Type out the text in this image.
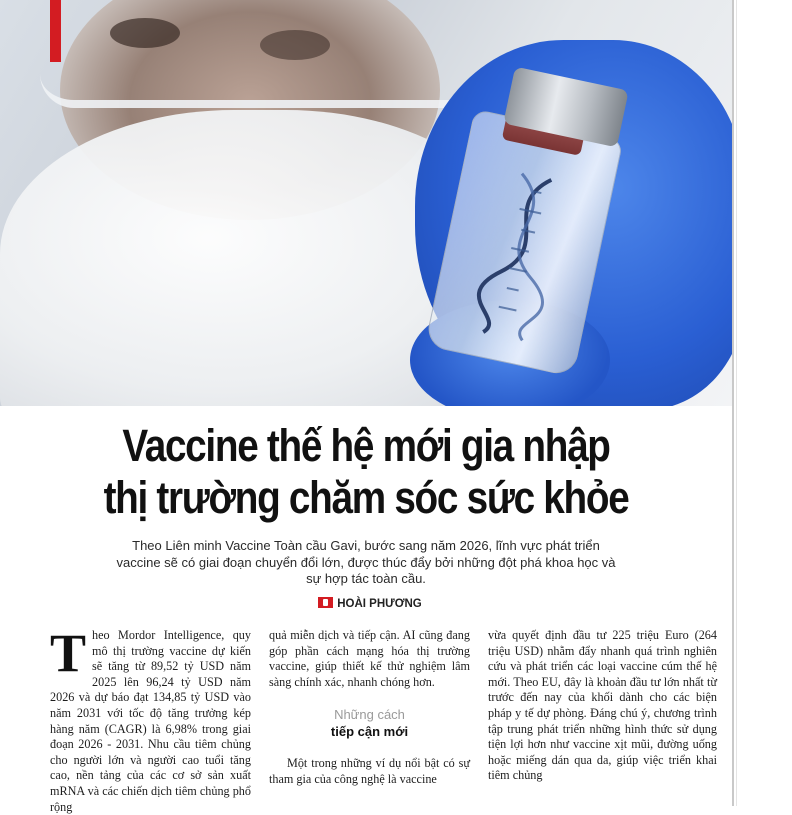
Vaccine thế hệ mới gia nhập
thị trường chăm sóc sức khỏe
Theo Liên minh Vaccine Toàn cầu Gavi, bước sang năm 2026, lĩnh vực phát triển vaccine sẽ có giai đoạn chuyển đổi lớn, được thúc đẩy bởi những đột phá khoa học và sự hợp tác toàn cầu.
HOÀI PHƯƠNG

Theo Mordor Intelligence, quy mô thị trường vaccine dự kiến sẽ tăng từ 89,52 tỷ USD năm 2025 lên 96,24 tỷ USD năm 2026 và dự báo đạt 134,85 tỷ USD vào năm 2031 với tốc độ tăng trưởng kép hàng năm (CAGR) là 6,98% trong giai đoạn 2026 - 2031. Nhu cầu tiêm chủng cho người lớn và người cao tuổi tăng cao, nền tảng của các cơ sở sản xuất mRNA và các chiến dịch tiêm chủng phổ rộng

quả miễn dịch và tiếp cận. AI cũng đang góp phần cách mạng hóa thị trường vaccine, giúp thiết kế thử nghiệm lâm sàng chính xác, nhanh chóng hơn.

Những cách
tiếp cận mới

Một trong những ví dụ nổi bật có sự tham gia của công nghệ là vaccine

vừa quyết định đầu tư 225 triệu Euro (264 triệu USD) nhằm đẩy nhanh quá trình nghiên cứu và phát triển các loại vaccine cúm thế hệ mới. Theo EU, đây là khoản đầu tư lớn nhất từ trước đến nay của khối dành cho các biện pháp y tế dự phòng. Đáng chú ý, chương trình tập trung phát triển những hình thức sử dụng tiện lợi hơn như vaccine xịt mũi, đường uống hoặc miếng dán qua da, giúp việc triển khai tiêm chủng
